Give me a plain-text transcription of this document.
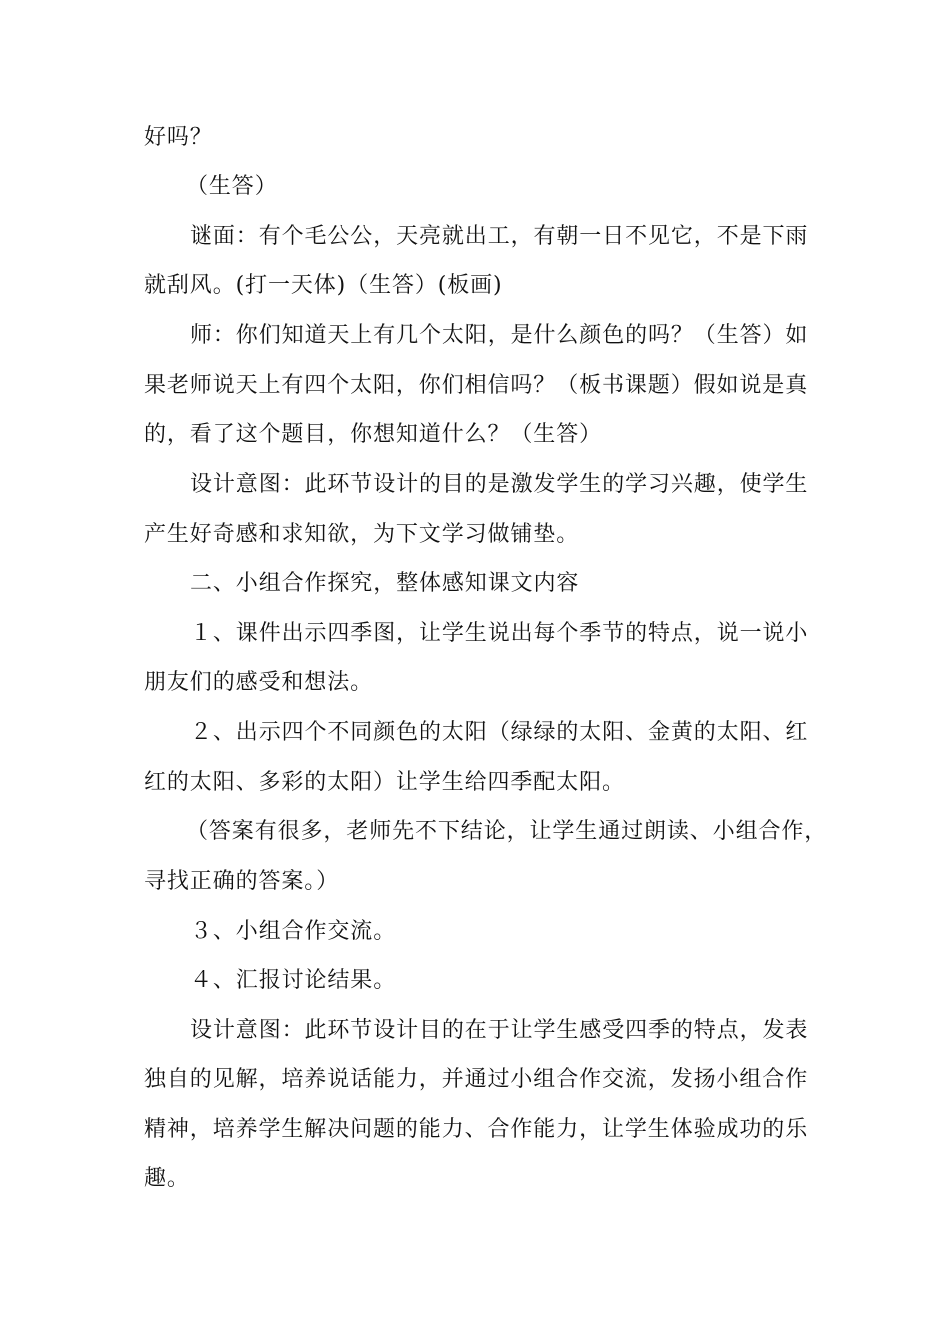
好吗？
（生答）
谜面：有个毛公公，天亮就出工，有朝一日不见它，不是下雨
就刮风。(打一天体)（生答）(板画)
师：你们知道天上有几个太阳，是什么颜色的吗？（生答）如
果老师说天上有四个太阳，你们相信吗？（板书课题）假如说是真
的，看了这个题目，你想知道什么？（生答）
设计意图：此环节设计的目的是激发学生的学习兴趣，使学生
产生好奇感和求知欲，为下文学习做铺垫。
二、小组合作探究，整体感知课文内容
１、课件出示四季图，让学生说出每个季节的特点，说一说小
朋友们的感受和想法。
２、出示四个不同颜色的太阳（绿绿的太阳、金黄的太阳、红
红的太阳、多彩的太阳）让学生给四季配太阳。
（答案有很多，老师先不下结论，让学生通过朗读、小组合作，
寻找正确的答案。）
３、小组合作交流。
４、汇报讨论结果。
设计意图：此环节设计目的在于让学生感受四季的特点，发表
独自的见解，培养说话能力，并通过小组合作交流，发扬小组合作
精神，培养学生解决问题的能力、合作能力，让学生体验成功的乐
趣。
